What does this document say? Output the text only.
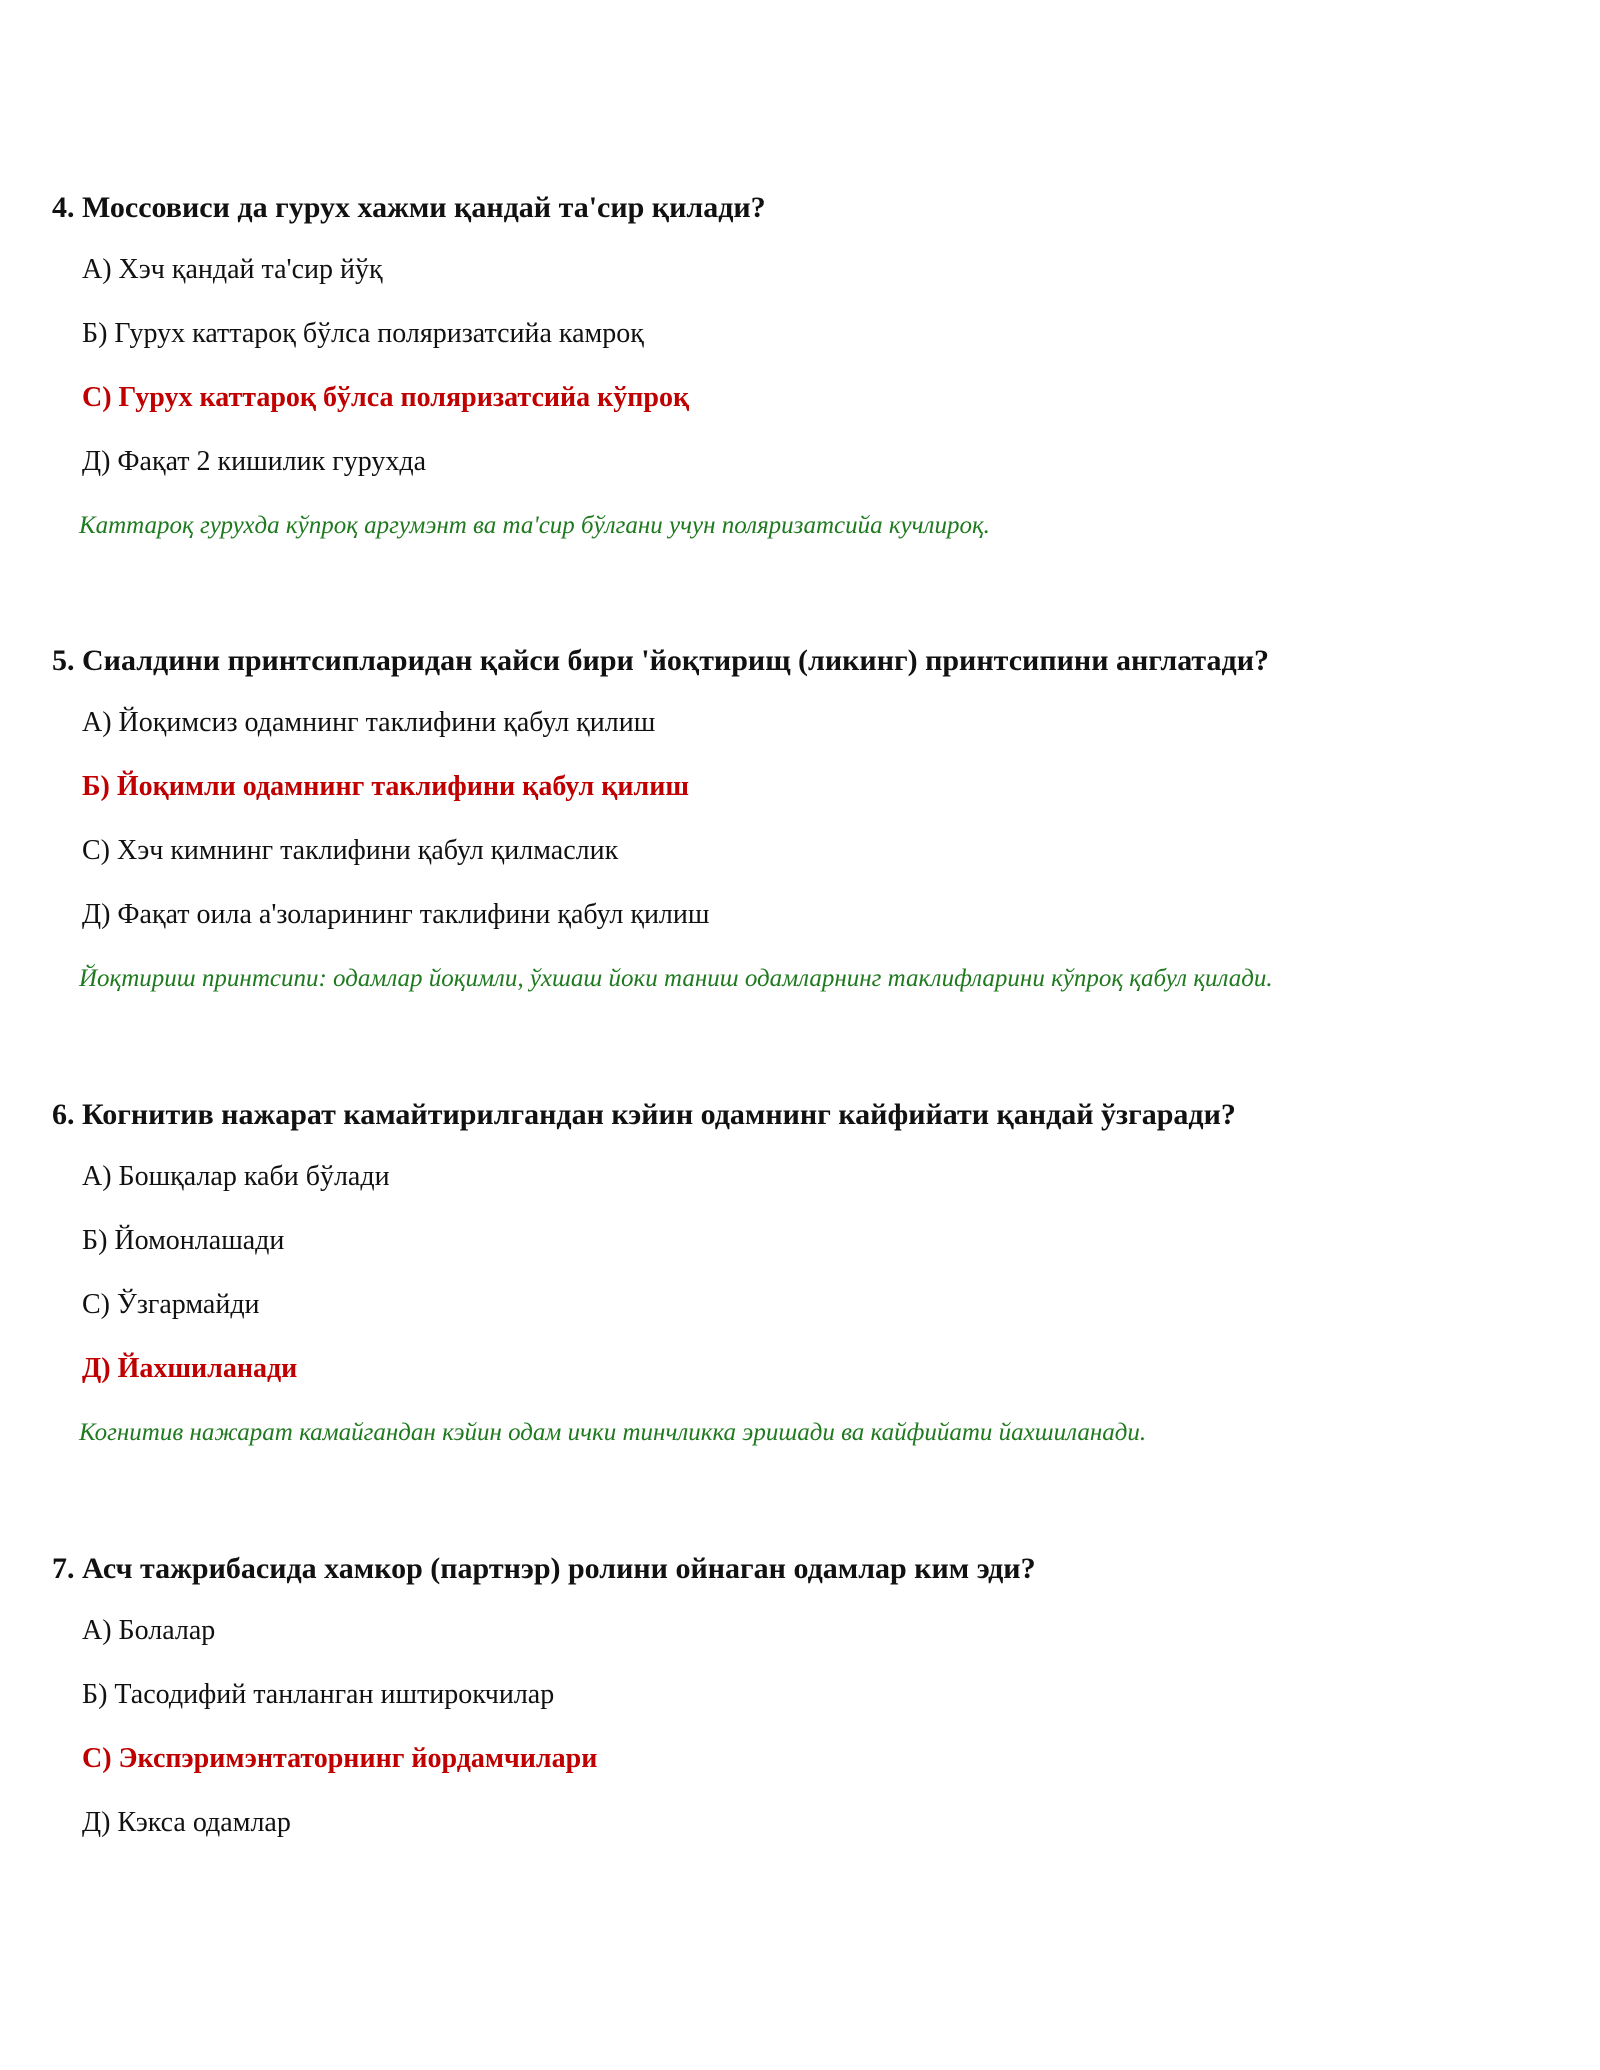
4. Моссовиси да гурух хажми қандай та'сир қилади?

А) Хэч қандай та'сир йўқ
Б) Гурух каттароқ бўлса поляризатсийа камроқ
С) Гурух каттароқ бўлса поляризатсийа кўпроқ
Д) Фақат 2 кишилик гурухда
Каттароқ гурухда кўпроқ аргумэнт ва та'сир бўлгани учун поляризатсийа кучлироқ.

5. Сиалдини принтсипларидан қайси бири 'йоқтирищ (ликинг) принтсипини англатади?

А) Йоқимсиз одамнинг таклифини қабул қилиш
Б) Йоқимли одамнинг таклифини қабул қилиш
С) Хэч кимнинг таклифини қабул қилмаслик
Д) Фақат оила а'золарининг таклифини қабул қилиш
Йоқтириш принтсипи: одамлар йоқимли, ўхшаш йоки таниш одамларнинг таклифларини кўпроқ қабул қилади.

6. Когнитив нажарат камайтирилгандан кэйин одамнинг кайфийати қандай ўзгаради?

А) Бошқалар каби бўлади
Б) Йомонлашади
С) Ўзгармайди
Д) Йахшиланади
Когнитив нажарат камайгандан кэйин одам ички тинчликка эришади ва кайфийати йахшиланади.

7. Асч тажрибасида хамкор (партнэр) ролини ойнаган одамлар ким эди?

А) Болалар
Б) Тасодифий танланган иштирокчилар
С) Экспэримэнтаторнинг йордамчилари
Д) Кэкса одамлар
